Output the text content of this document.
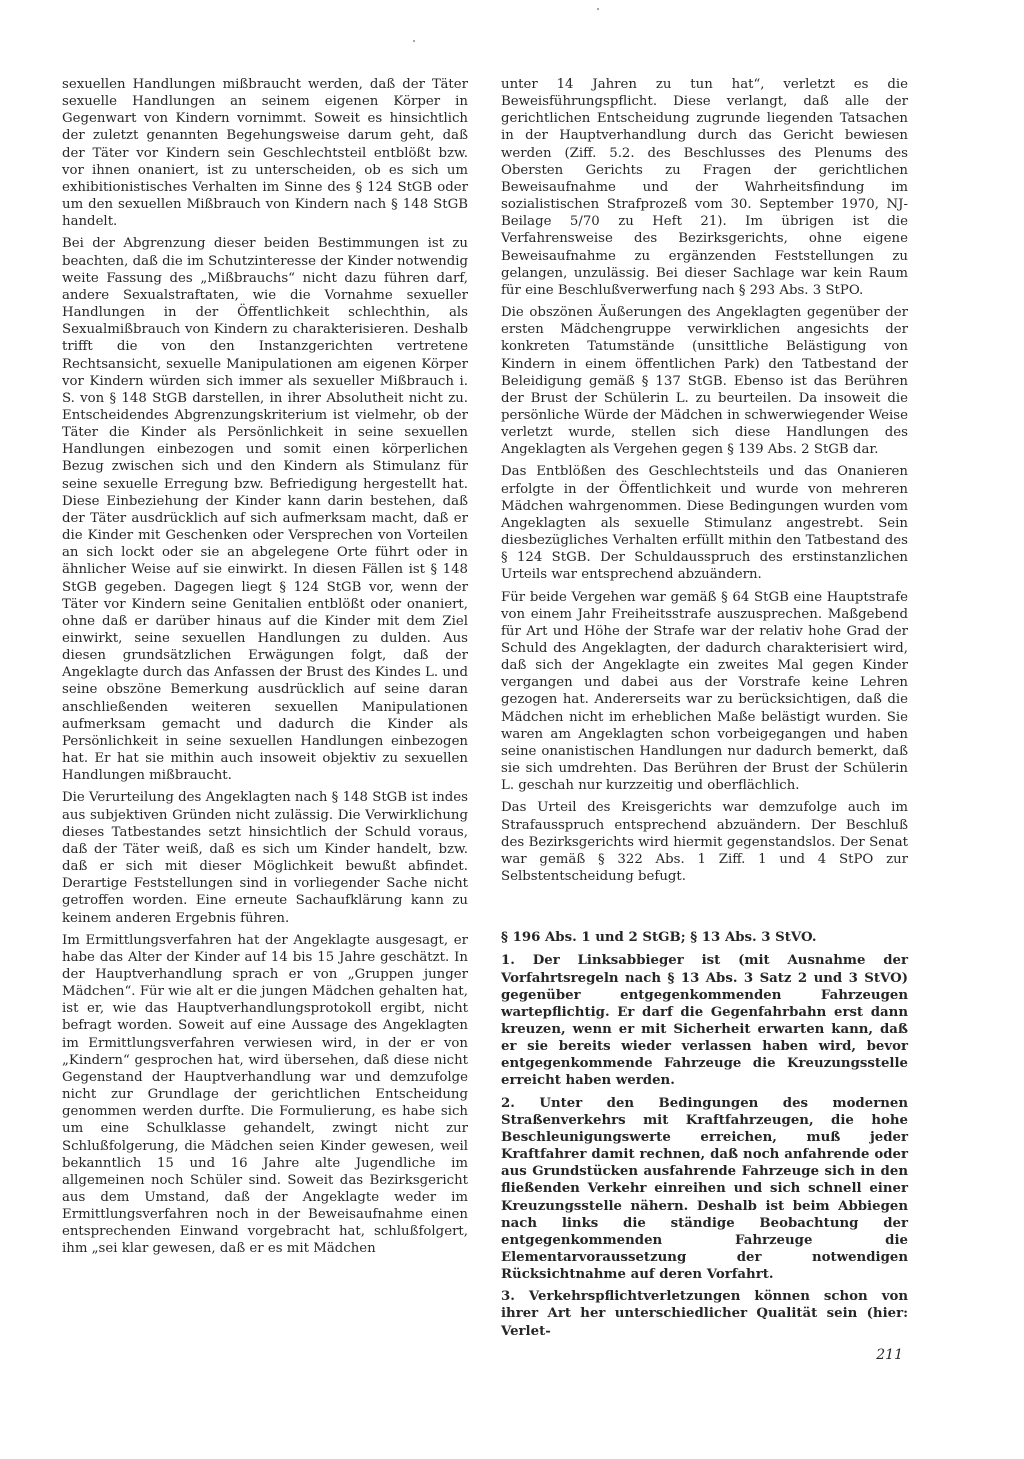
sexuellen Handlungen mißbraucht werden, daß der Täter sexuelle Handlungen an seinem eigenen Körper in Gegenwart von Kindern vornimmt. Soweit es hinsichtlich der zuletzt genannten Begehungsweise darum geht, daß der Täter vor Kindern sein Geschlechtsteil entblößt bzw. vor ihnen onaniert, ist zu unterscheiden, ob es sich um exhibitionistisches Verhalten im Sinne des § 124 StGB oder um den sexuellen Mißbrauch von Kindern nach § 148 StGB handelt.

Bei der Abgrenzung dieser beiden Bestimmungen ist zu beachten, daß die im Schutzinteresse der Kinder notwendig weite Fassung des „Mißbrauchs“ nicht dazu führen darf, andere Sexualstraftaten, wie die Vornahme sexueller Handlungen in der Öffentlichkeit schlechthin, als Sexualmißbrauch von Kindern zu charakterisieren. Deshalb trifft die von den Instanzgerichten vertretene Rechtsansicht, sexuelle Manipulationen am eigenen Körper vor Kindern würden sich immer als sexueller Mißbrauch i. S. von § 148 StGB darstellen, in ihrer Absolutheit nicht zu. Entscheidendes Abgrenzungskriterium ist vielmehr, ob der Täter die Kinder als Persönlichkeit in seine sexuellen Handlungen einbezogen und somit einen körperlichen Bezug zwischen sich und den Kindern als Stimulanz für seine sexuelle Erregung bzw. Befriedigung hergestellt hat. Diese Einbeziehung der Kinder kann darin bestehen, daß der Täter ausdrücklich auf sich aufmerksam macht, daß er die Kinder mit Geschenken oder Versprechen von Vorteilen an sich lockt oder sie an abgelegene Orte führt oder in ähnlicher Weise auf sie einwirkt. In diesen Fällen ist § 148 StGB gegeben. Dagegen liegt § 124 StGB vor, wenn der Täter vor Kindern seine Genitalien entblößt oder onaniert, ohne daß er darüber hinaus auf die Kinder mit dem Ziel einwirkt, seine sexuellen Handlungen zu dulden. Aus diesen grundsätzlichen Erwägungen folgt, daß der Angeklagte durch das Anfassen der Brust des Kindes L. und seine obszöne Bemerkung ausdrücklich auf seine daran anschließenden weiteren sexuellen Manipulationen aufmerksam gemacht und dadurch die Kinder als Persönlichkeit in seine sexuellen Handlungen einbezogen hat. Er hat sie mithin auch insoweit objektiv zu sexuellen Handlungen mißbraucht.

Die Verurteilung des Angeklagten nach § 148 StGB ist indes aus subjektiven Gründen nicht zulässig. Die Verwirklichung dieses Tatbestandes setzt hinsichtlich der Schuld voraus, daß der Täter weiß, daß es sich um Kinder handelt, bzw. daß er sich mit dieser Möglichkeit bewußt abfindet. Derartige Feststellungen sind in vorliegender Sache nicht getroffen worden. Eine erneute Sachaufklärung kann zu keinem anderen Ergebnis führen.

Im Ermittlungsverfahren hat der Angeklagte ausgesagt, er habe das Alter der Kinder auf 14 bis 15 Jahre geschätzt. In der Hauptverhandlung sprach er von „Gruppen junger Mädchen“. Für wie alt er die jungen Mädchen gehalten hat, ist er, wie das Hauptverhandlungsprotokoll ergibt, nicht befragt worden. Soweit auf eine Aussage des Angeklagten im Ermittlungsverfahren verwiesen wird, in der er von „Kindern“ gesprochen hat, wird übersehen, daß diese nicht Gegenstand der Hauptverhandlung war und demzufolge nicht zur Grundlage der gerichtlichen Entscheidung genommen werden durfte. Die Formulierung, es habe sich um eine Schulklasse gehandelt, zwingt nicht zur Schlußfolgerung, die Mädchen seien Kinder gewesen, weil bekanntlich 15 und 16 Jahre alte Jugendliche im allgemeinen noch Schüler sind. Soweit das Bezirksgericht aus dem Umstand, daß der Angeklagte weder im Ermittlungsverfahren noch in der Beweisaufnahme einen entsprechenden Einwand vorgebracht hat, schlußfolgert, ihm „sei klar gewesen, daß er es mit Mädchen

unter 14 Jahren zu tun hat“, verletzt es die Beweisführungspflicht. Diese verlangt, daß alle der gerichtlichen Entscheidung zugrunde liegenden Tatsachen in der Hauptverhandlung durch das Gericht bewiesen werden (Ziff. 5.2. des Beschlusses des Plenums des Obersten Gerichts zu Fragen der gerichtlichen Beweisaufnahme und der Wahrheitsfindung im sozialistischen Strafprozeß vom 30. September 1970, NJ-Beilage 5/70 zu Heft 21). Im übrigen ist die Verfahrensweise des Bezirksgerichts, ohne eigene Beweisaufnahme zu ergänzenden Feststellungen zu gelangen, unzulässig. Bei dieser Sachlage war kein Raum für eine Beschlußverwerfung nach § 293 Abs. 3 StPO.

Die obszönen Äußerungen des Angeklagten gegenüber der ersten Mädchengruppe verwirklichen angesichts der konkreten Tatumstände (unsittliche Belästigung von Kindern in einem öffentlichen Park) den Tatbestand der Beleidigung gemäß § 137 StGB. Ebenso ist das Berühren der Brust der Schülerin L. zu beurteilen. Da insoweit die persönliche Würde der Mädchen in schwerwiegender Weise verletzt wurde, stellen sich diese Handlungen des Angeklagten als Vergehen gegen § 139 Abs. 2 StGB dar.

Das Entblößen des Geschlechtsteils und das Onanieren erfolgte in der Öffentlichkeit und wurde von mehreren Mädchen wahrgenommen. Diese Bedingungen wurden vom Angeklagten als sexuelle Stimulanz angestrebt. Sein diesbezügliches Verhalten erfüllt mithin den Tatbestand des § 124 StGB. Der Schuldausspruch des erstinstanzlichen Urteils war entsprechend abzuändern.

Für beide Vergehen war gemäß § 64 StGB eine Hauptstrafe von einem Jahr Freiheitsstrafe auszusprechen. Maßgebend für Art und Höhe der Strafe war der relativ hohe Grad der Schuld des Angeklagten, der dadurch charakterisiert wird, daß sich der Angeklagte ein zweites Mal gegen Kinder vergangen und dabei aus der Vorstrafe keine Lehren gezogen hat. Andererseits war zu berücksichtigen, daß die Mädchen nicht im erheblichen Maße belästigt wurden. Sie waren am Angeklagten schon vorbeigegangen und haben seine onanistischen Handlungen nur dadurch bemerkt, daß sie sich umdrehten. Das Berühren der Brust der Schülerin L. geschah nur kurzzeitig und oberflächlich.

Das Urteil des Kreisgerichts war demzufolge auch im Strafausspruch entsprechend abzuändern. Der Beschluß des Bezirksgerichts wird hiermit gegenstandslos. Der Senat war gemäß § 322 Abs. 1 Ziff. 1 und 4 StPO zur Selbstentscheidung befugt.

§ 196 Abs. 1 und 2 StGB; § 13 Abs. 3 StVO.

1. Der Linksabbieger ist (mit Ausnahme der Vorfahrtsregeln nach § 13 Abs. 3 Satz 2 und 3 StVO) gegenüber entgegenkommenden Fahrzeugen wartepflichtig. Er darf die Gegenfahrbahn erst dann kreuzen, wenn er mit Sicherheit erwarten kann, daß er sie bereits wieder verlassen haben wird, bevor entgegenkommende Fahrzeuge die Kreuzungsstelle erreicht haben werden.

2. Unter den Bedingungen des modernen Straßenverkehrs mit Kraftfahrzeugen, die hohe Beschleunigungswerte erreichen, muß jeder Kraftfahrer damit rechnen, daß noch anfahrende oder aus Grundstücken ausfahrende Fahrzeuge sich in den fließenden Verkehr einreihen und sich schnell einer Kreuzungsstelle nähern. Deshalb ist beim Abbiegen nach links die ständige Beobachtung der entgegenkommenden Fahrzeuge die Elementarvoraussetzung der notwendigen Rücksichtnahme auf deren Vorfahrt.

3. Verkehrspflichtverletzungen können schon von ihrer Art her unterschiedlicher Qualität sein (hier: Verlet-

211
